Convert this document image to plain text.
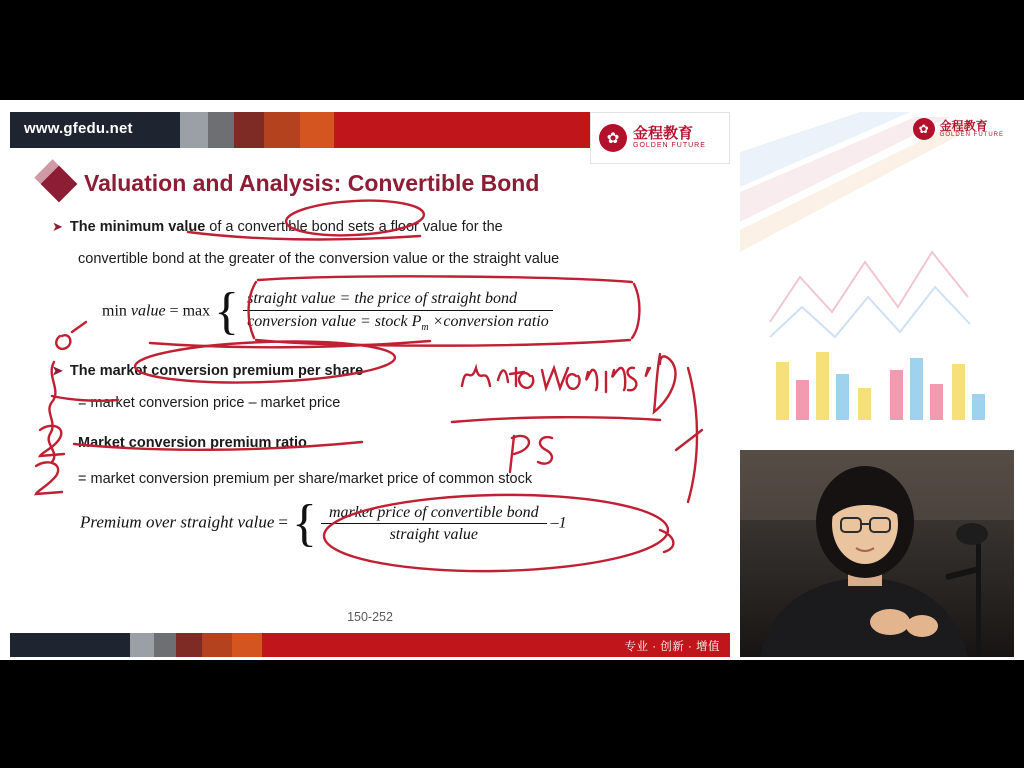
www.gfedu.net
✿ 金程教育
GOLDEN FUTURE
Valuation and Analysis: Convertible Bond
➤ The minimum value of a convertible bond sets a floor value for the
convertible bond at the greater of the conversion value or the straight value
min value = max { straight value = the price of straight bond
conversion value = stock $P_m$ ×conversion ratio
➤ The market conversion premium per share
= market conversion price – market price
Market conversion premium ratio
= market conversion premium per share/market price of common stock
Premium over straight value = { $\frac{\text{market price of convertible bond}}{\text{straight value}} -1$
150-252
专业 · 创新 · 增值
✿ 金程教育
GOLDEN FUTURE
